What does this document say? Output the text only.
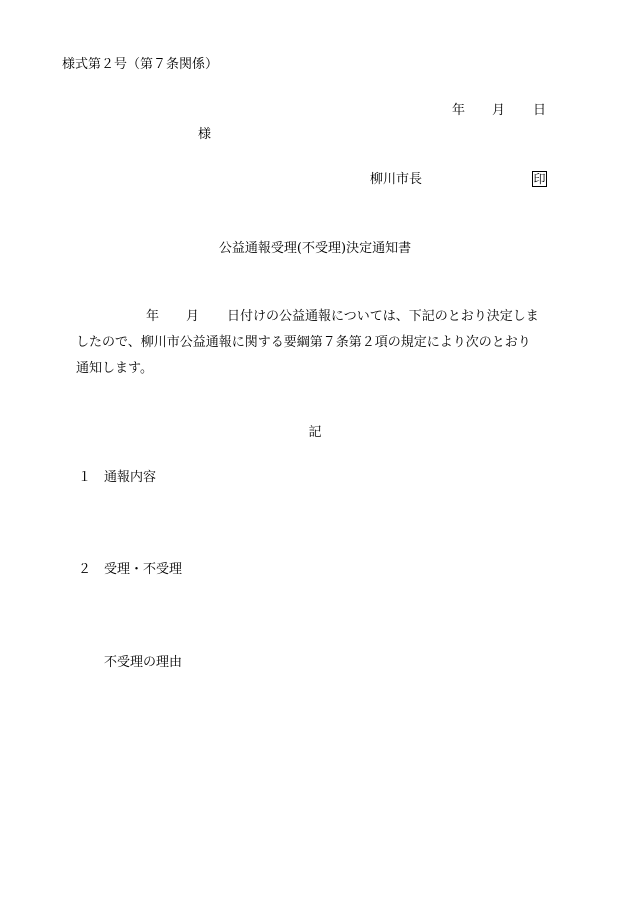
様式第２号（第７条関係）
年 月 日
様
柳川市長	印
公益通報受理(不受理)決定通知書
年 月 日付けの公益通報については、下記のとおり決定しま
したので、柳川市公益通報に関する要綱第７条第２項の規定により次のとおり
通知します。
記
１ 通報内容
２ 受理・不受理
不受理の理由
